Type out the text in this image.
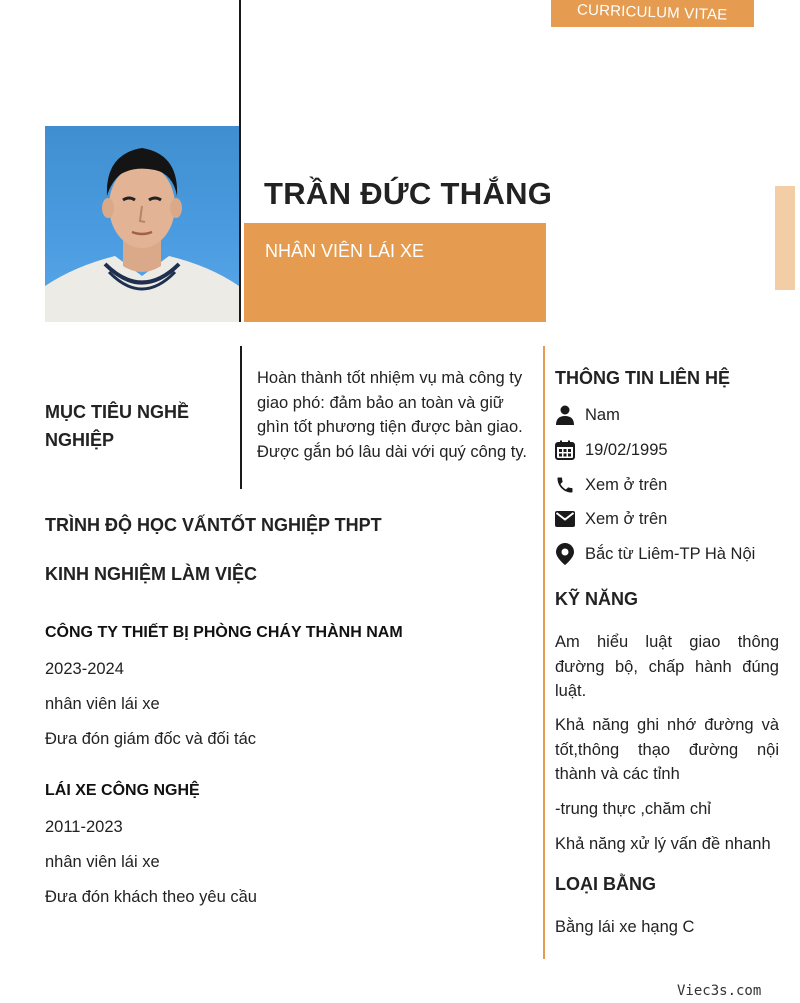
CURRICULUM VITAE
TRẦN ĐỨC THẮNG
NHÂN VIÊN LÁI XE
MỤC TIÊU NGHỀ NGHIỆP
Hoàn thành tốt nhiệm vụ mà công ty giao phó: đảm bảo an toàn và giữ ghìn tốt phương tiện được bàn giao. Được gắn bó lâu dài với quý công ty.
TRÌNH ĐỘ HỌC VẤNTỐT NGHIỆP THPT
KINH NGHIỆM LÀM VIỆC
CÔNG TY THIẾT BỊ PHÒNG CHÁY THÀNH NAM
2023-2024
nhân viên lái xe
Đưa đón giám đốc và đối tác
LÁI XE CÔNG NGHỆ
2011-2023
nhân viên lái xe
Đưa đón khách theo yêu cầu
THÔNG TIN LIÊN HỆ
Nam
19/02/1995
Xem ở trên
Xem ở trên
Bắc từ Liêm-TP Hà Nội
KỸ NĂNG
Am hiểu luật giao thông đường bộ, chấp hành đúng luật.
Khả năng ghi nhớ đường và tốt,thông thạo đường nội thành và các tỉnh
-trung thực ,chăm chỉ
Khả năng xử lý vấn đề nhanh
LOẠI BẰNG
Bằng lái xe hạng C
Viec3s.com
